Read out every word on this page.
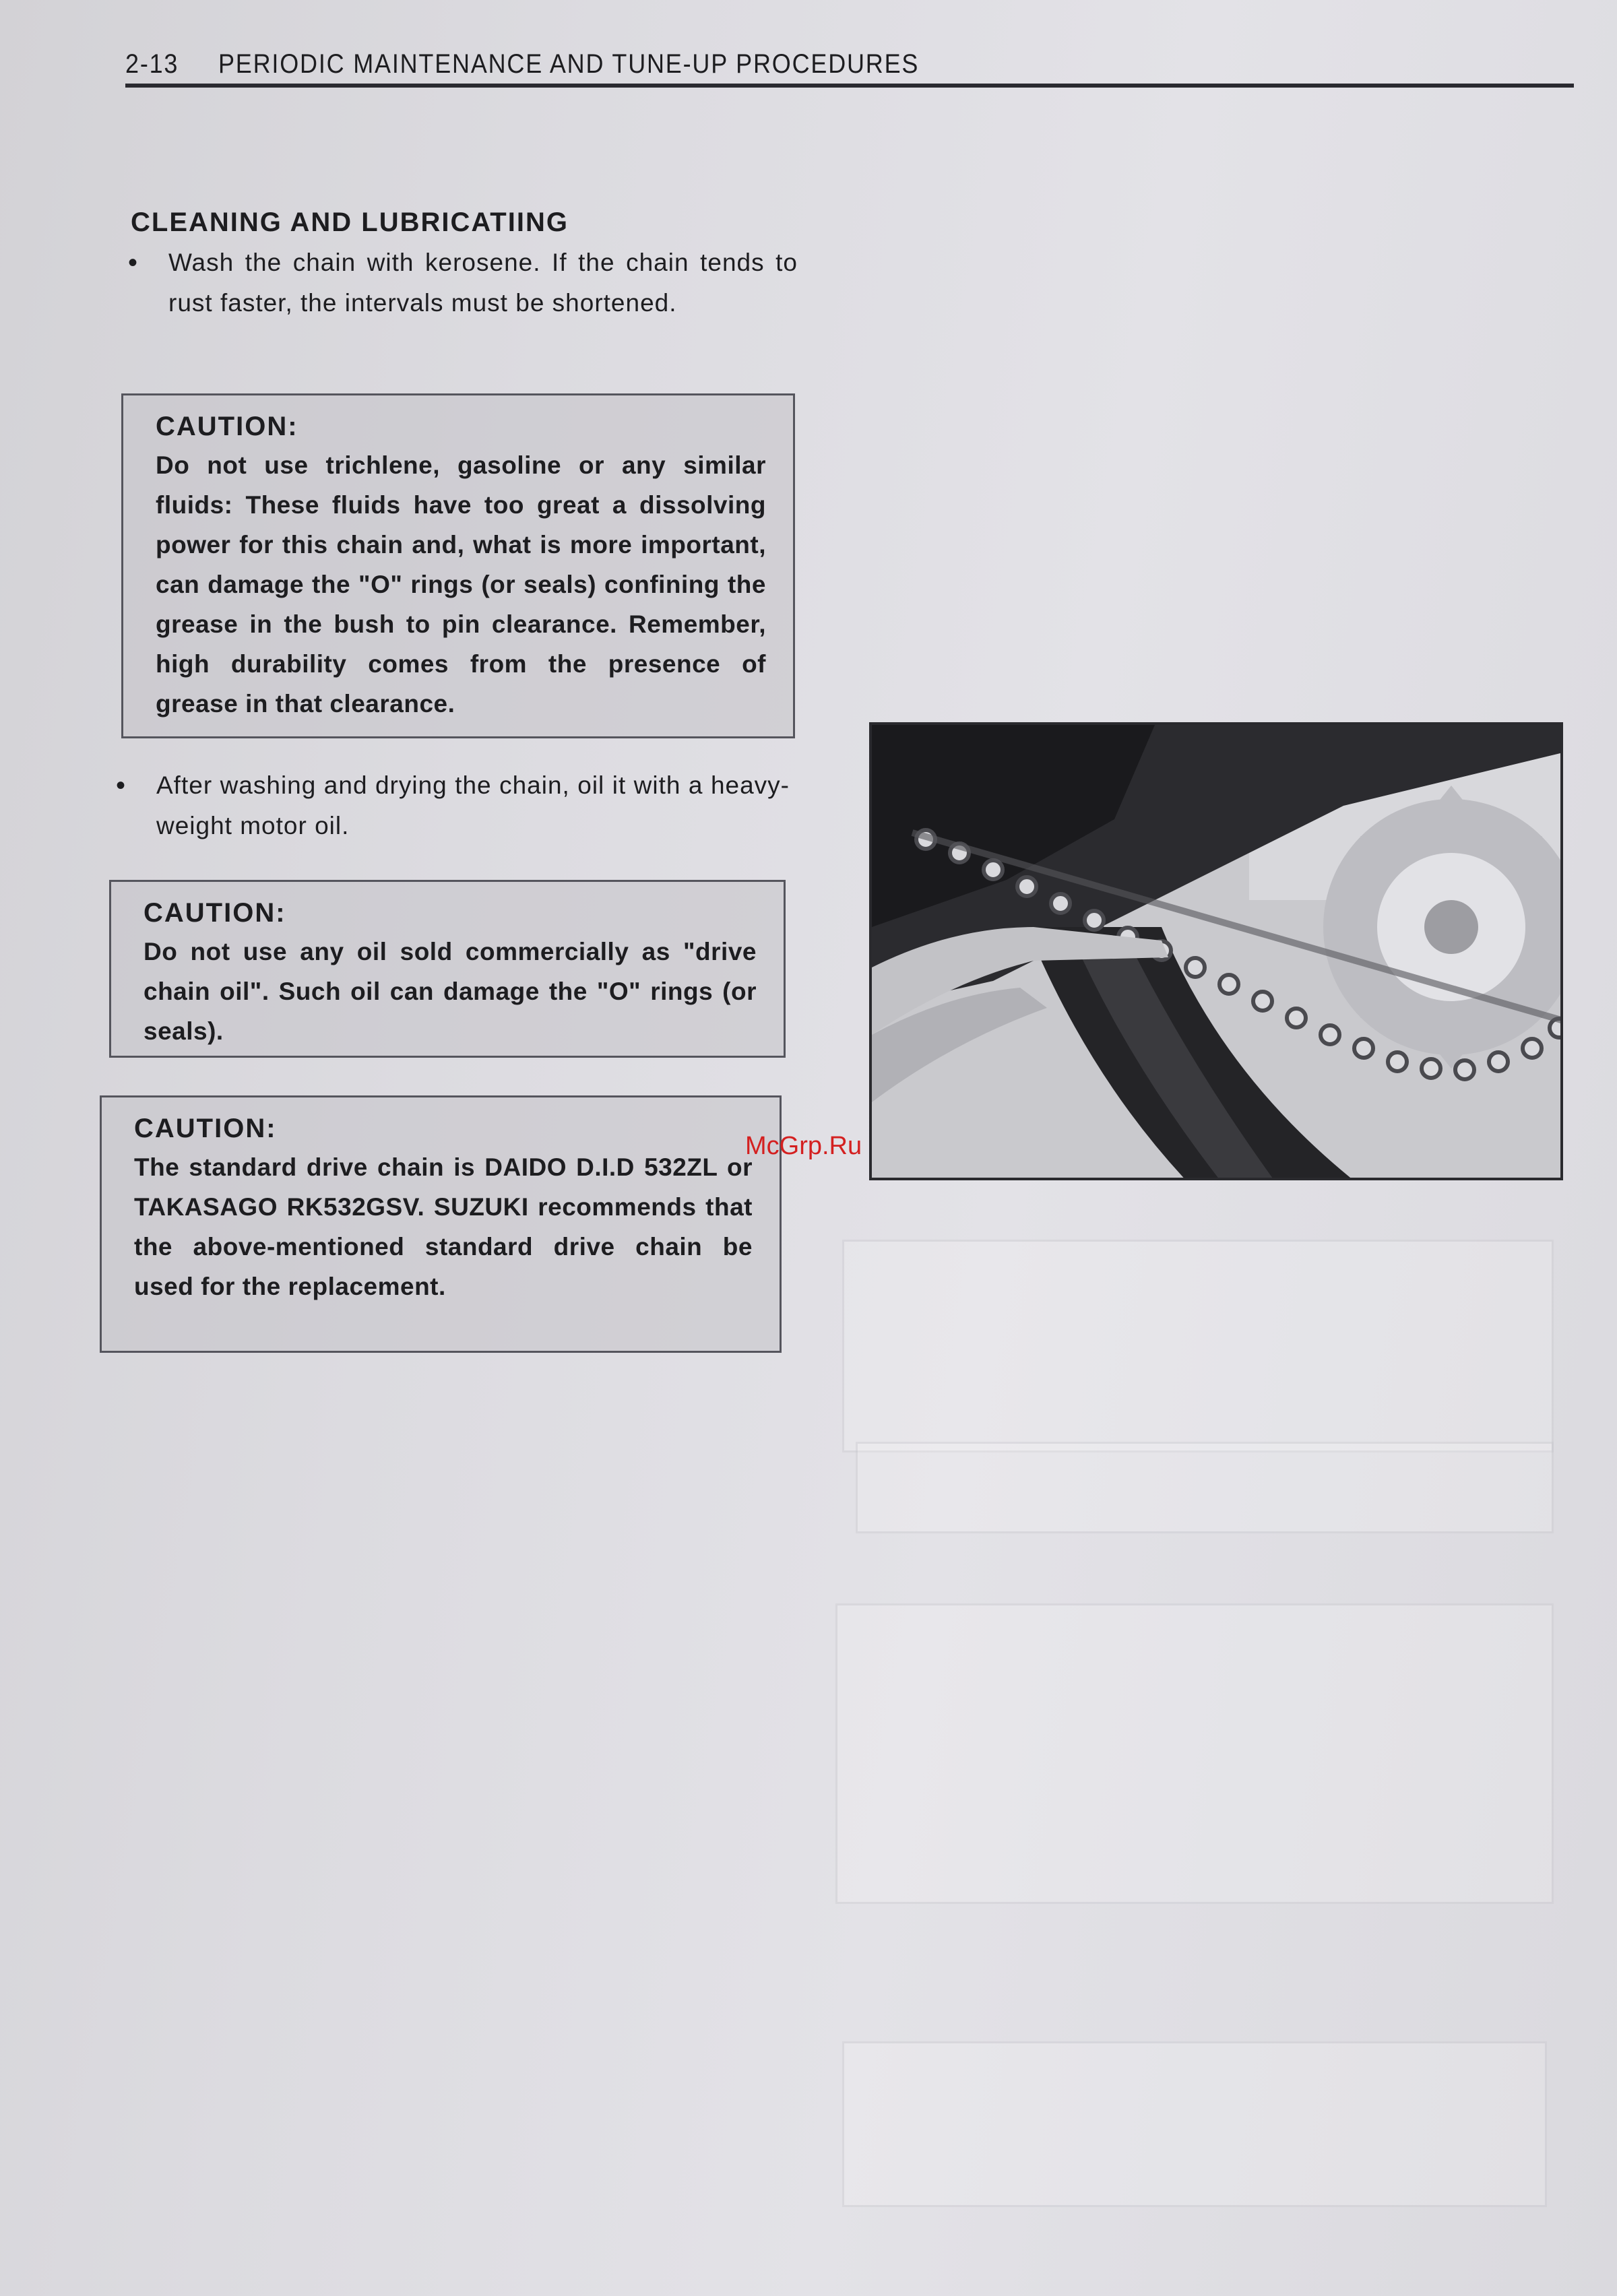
2-13 PERIODIC MAINTENANCE AND TUNE-UP PROCEDURES
CLEANING AND LUBRICATIING
•	Wash the chain with kerosene. If the chain tends to rust faster, the intervals must be shortened.

CAUTION:

Do not use trichlene, gasoline or any similar fluids: These fluids have too great a dissolving power for this chain and, what is more important, can damage the "O" rings (or seals) confining the grease in the bush to pin clearance. Remember, high durability comes from the presence of grease in that clearance.

•	After washing and drying the chain, oil it with a heavy-weight motor oil.

CAUTION:

Do not use any oil sold commercially as "drive chain oil". Such oil can damage the "O" rings (or seals).

CAUTION:

The standard drive chain is DAIDO D.I.D 532ZL or TAKASAGO RK532GSV. SUZUKI recommends that the above-mentioned standard drive chain be used for the replacement.

McGrp.Ru
